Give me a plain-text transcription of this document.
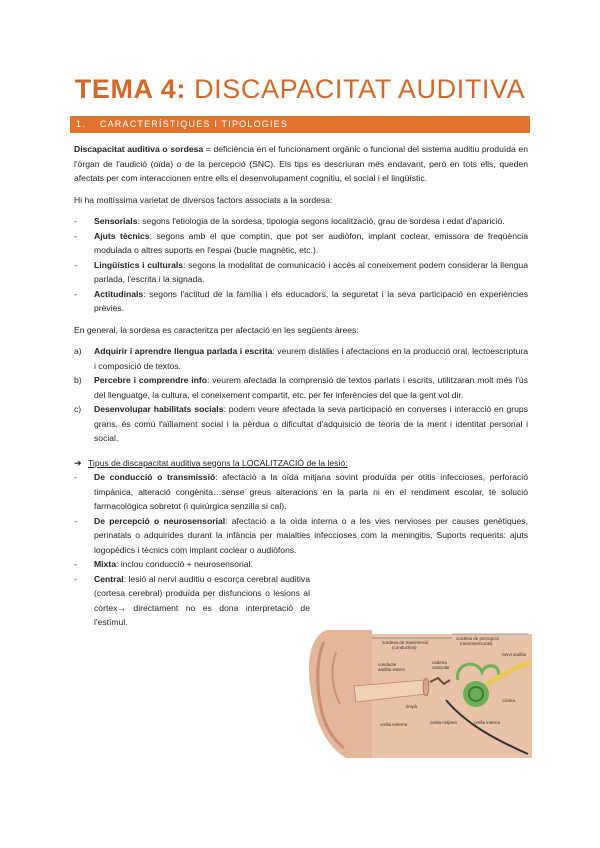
TEMA 4: DISCAPACITAT AUDITIVA
1. CARACTERÍSTIQUES I TIPOLOGIES

Discapacitat auditiva o sordesa = deficiència en el funcionament orgànic o funcional del sistema auditiu produïda en l'òrgan de l'audició (oïda) o de la percepció (SNC). Els tips es descriuran més endavant, però en tots ells, queden afectats per com interaccionen entre ells el desenvolupament cognitiu, el social i el lingüístic.

Hi ha moltíssima varietat de diversos factors associats a la sordesa:

-	Sensorials: segons l'etiologia de la sordesa, tipologia segons localització, grau de sordesa i edat d'aparició.
-	Ajuts tècnics: segons amb el que comptin, que pot ser audiòfon, implant coclear, emissora de freqüència modulada o altres suports en l'espai (bucle magnètic, etc.).
-	Lingüístics i culturals: segons la modalitat de comunicació i accés al coneixement podem considerar la llengua parlada, l'escrita i la signada.
-	Actitudinals: segons l'actitud de la família i els educadors, la seguretat i la seva participació en experiències prèvies.

En general, la sordesa es caracteritza per afectació en les següents àrees:

a)	Adquirir i aprendre llengua parlada i escrita: veurem dislàlies i afectacions en la producció oral, lectoescriptura i composició de textos.
b)	Percebre i comprendre info: veurem afectada la comprensió de textos parlats i escrits, utilitzaran molt més l'ús del llenguatge, la cultura, el coneixement compartit, etc. per fer inferències del que la gent vol dir.
c)	Desenvolupar habilitats socials: podem veure afectada la seva participació en converses i interacció en grups grans, és comú l'aïllament social i la pèrdua o dificultat d'adquisició de teoria de la ment i identitat personal i social.
➔ Tipus de discapacitat auditiva segons la LOCALITZACIÓ de la lesió:
-	De conducció o transmissió: afectació a la oïda mitjana sovint produïda per otitis infeccioses, perforació timpànica, alteració congènita…sense greus alteracions en la parla ni en el rendiment escolar, té solució farmacològica sobretot (i quirúrgica senzilla si cal).
-	De percepció o neurosensorial: afectació a la oïda interna o a les vies nervioses per causes genètiques, perinatals o adquirides durant la infància per malalties infeccioses com la meningitis. Suports requerits: ajuts logopèdics i tècnics com implant coclear o audiòfons.
-	Mixta: inclou conducció + neurosensorial.
-	Central: lesió al nervi auditiu o escorça cerebral auditiva (cortesa cerebral) produïda per disfuncions o lesions al còrtex→ directament no es dona interpretació de l'estímul.
sordesa de transmissió
(conductiva)
sordesa de percepció
(neurosensorial)
nervi auditiu
conducte
auditiu extern
cadena
ossicular
timpà
còclea
orella externa	orella mitjana	orella interna
